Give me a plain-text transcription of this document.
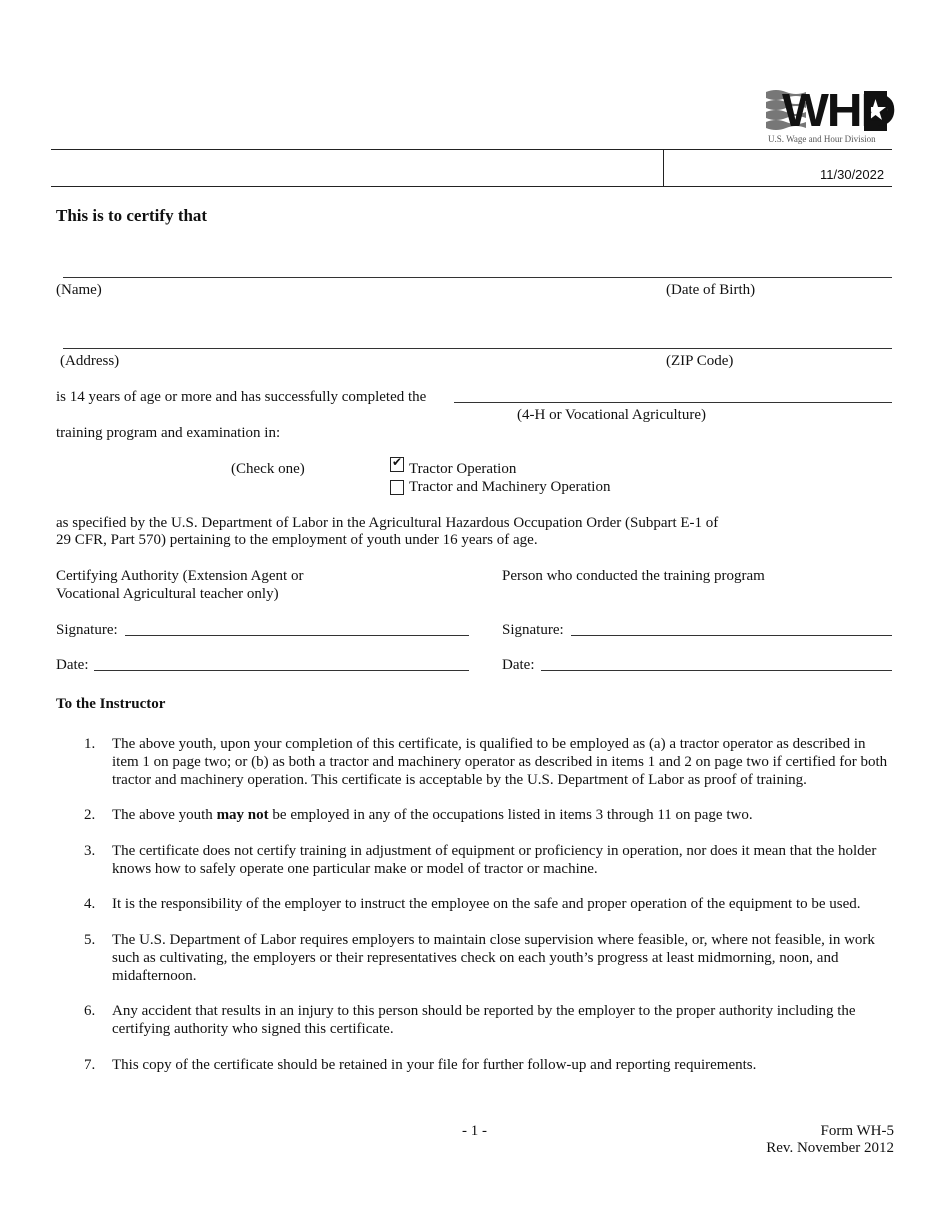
WHD
U.S. Wage and Hour Division
11/30/2022
This is to certify that
(Name)	(Date of Birth)
(Address)	(ZIP Code)
is 14 years of age or more and has successfully completed the
(4-H or Vocational Agriculture)
training program and examination in:
(Check one)	✔ Tractor Operation
Tractor and Machinery Operation
as specified by the U.S. Department of Labor in the Agricultural Hazardous Occupation Order (Subpart E-1 of
29 CFR, Part 570) pertaining to the employment of youth under 16 years of age.
Certifying Authority (Extension Agent or
Vocational Agricultural teacher only)
Person who conducted the training program
Signature:	Signature:
Date:	Date:
To the Instructor
1. The above youth, upon your completion of this certificate, is qualified to be employed as (a) a tractor operator as described in item 1 on page two; or (b) as both a tractor and machinery operator as described in items 1 and 2 on page two if certified for both tractor and machinery operation. This certificate is acceptable by the U.S. Department of Labor as proof of training.
2. The above youth may not be employed in any of the occupations listed in items 3 through 11 on page two.
3. The certificate does not certify training in adjustment of equipment or proficiency in operation, nor does it mean that the holder knows how to safely operate one particular make or model of tractor or machine.
4. It is the responsibility of the employer to instruct the employee on the safe and proper operation of the equipment to be used.
5. The U.S. Department of Labor requires employers to maintain close supervision where feasible, or, where not feasible, in work such as cultivating, the employers or their representatives check on each youth’s progress at least midmorning, noon, and midafternoon.
6. Any accident that results in an injury to this person should be reported by the employer to the proper authority including the certifying authority who signed this certificate.
7. This copy of the certificate should be retained in your file for further follow-up and reporting requirements.
- 1 -	Form WH-5
Rev. November 2012
